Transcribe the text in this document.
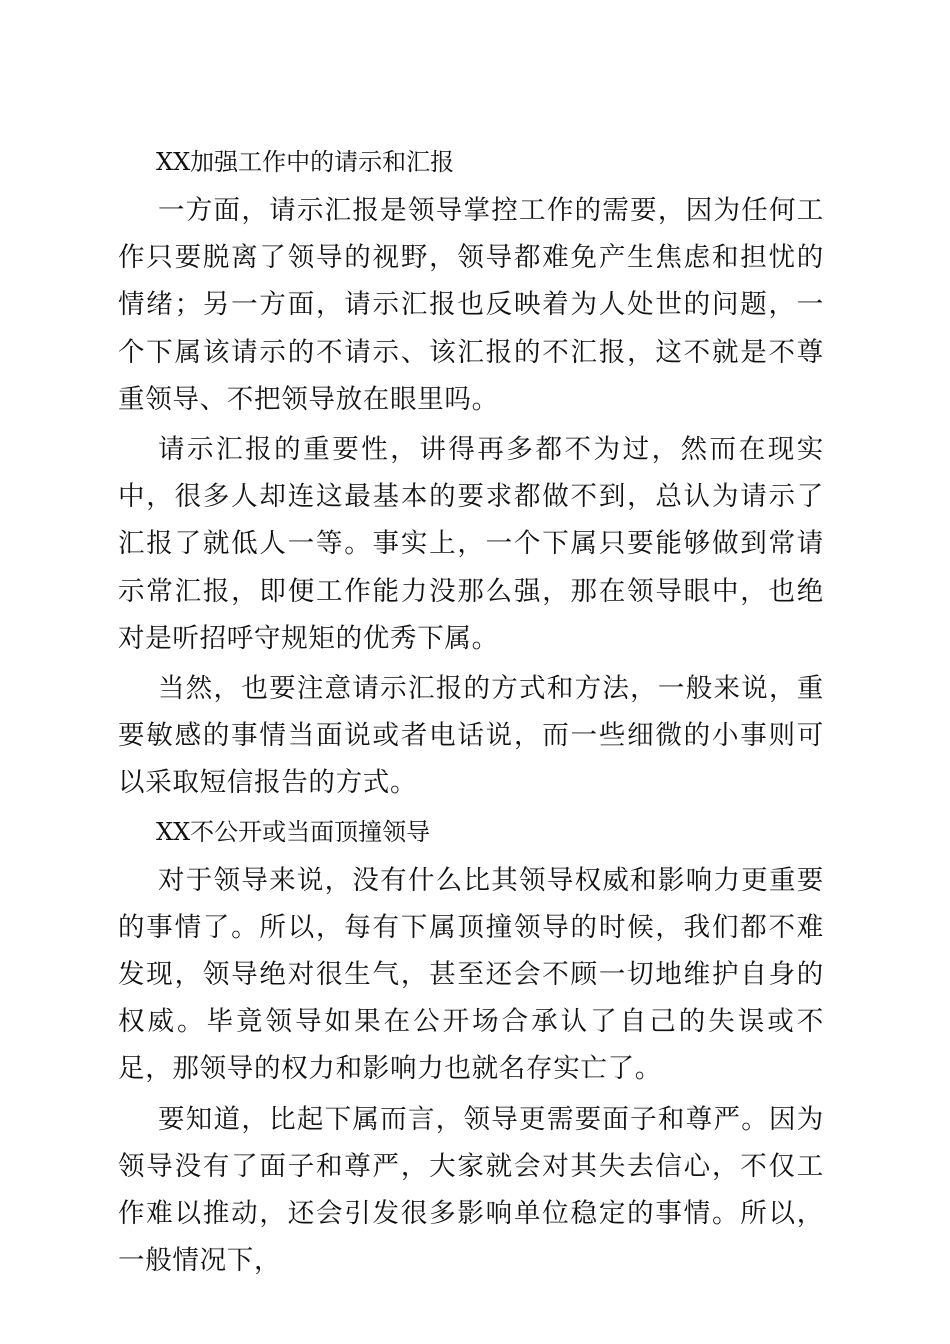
XX加强工作中的请示和汇报

一方面，请示汇报是领导掌控工作的需要，因为任何工作只要脱离了领导的视野，领导都难免产生焦虑和担忧的情绪；另一方面，请示汇报也反映着为人处世的问题，一个下属该请示的不请示、该汇报的不汇报，这不就是不尊重领导、不把领导放在眼里吗。

请示汇报的重要性，讲得再多都不为过，然而在现实中，很多人却连这最基本的要求都做不到，总认为请示了汇报了就低人一等。事实上，一个下属只要能够做到常请示常汇报，即便工作能力没那么强，那在领导眼中，也绝对是听招呼守规矩的优秀下属。

当然，也要注意请示汇报的方式和方法，一般来说，重要敏感的事情当面说或者电话说，而一些细微的小事则可以采取短信报告的方式。

XX不公开或当面顶撞领导

对于领导来说，没有什么比其领导权威和影响力更重要的事情了。所以，每有下属顶撞领导的时候，我们都不难发现，领导绝对很生气，甚至还会不顾一切地维护自身的权威。毕竟领导如果在公开场合承认了自己的失误或不足，那领导的权力和影响力也就名存实亡了。

要知道，比起下属而言，领导更需要面子和尊严。因为领导没有了面子和尊严，大家就会对其失去信心，不仅工作难以推动，还会引发很多影响单位稳定的事情。所以，一般情况下，
